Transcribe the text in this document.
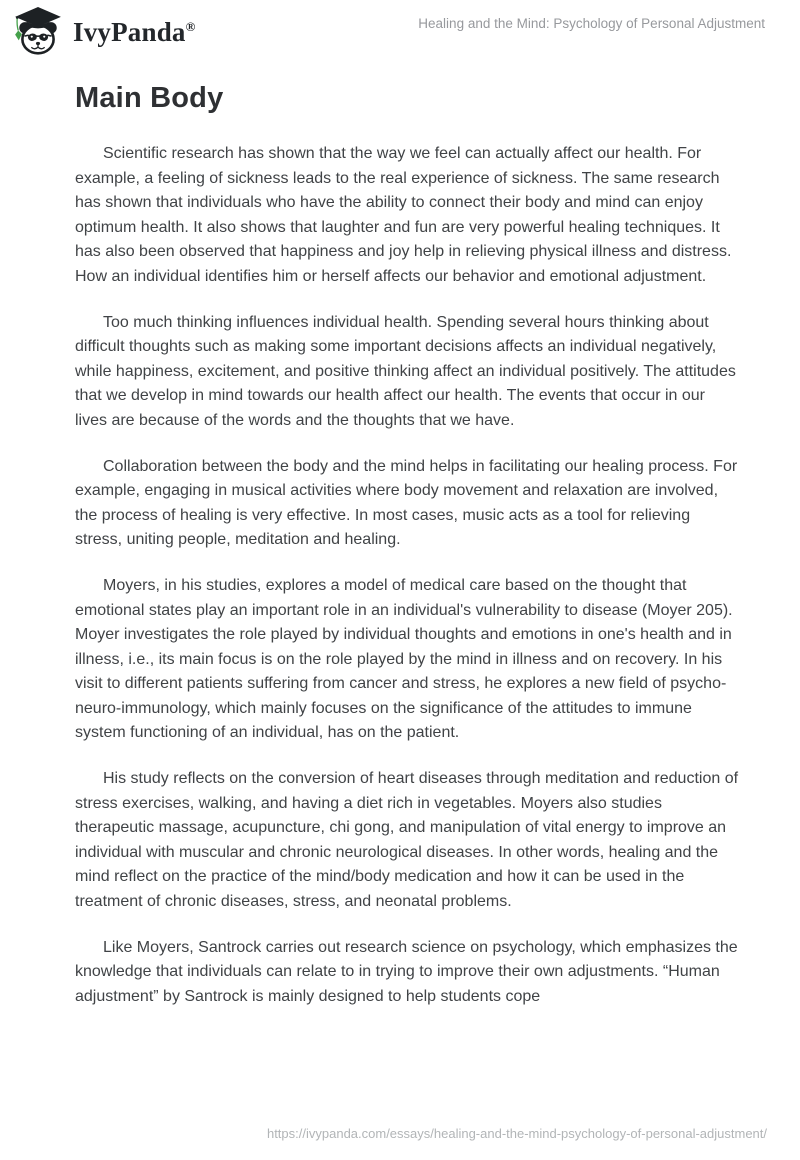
IvyPanda®	Healing and the Mind: Psychology of Personal Adjustment
Main Body

Scientific research has shown that the way we feel can actually affect our health. For example, a feeling of sickness leads to the real experience of sickness. The same research has shown that individuals who have the ability to connect their body and mind can enjoy optimum health. It also shows that laughter and fun are very powerful healing techniques. It has also been observed that happiness and joy help in relieving physical illness and distress. How an individual identifies him or herself affects our behavior and emotional adjustment.

Too much thinking influences individual health. Spending several hours thinking about difficult thoughts such as making some important decisions affects an individual negatively, while happiness, excitement, and positive thinking affect an individual positively. The attitudes that we develop in mind towards our health affect our health. The events that occur in our lives are because of the words and the thoughts that we have.

Collaboration between the body and the mind helps in facilitating our healing process. For example, engaging in musical activities where body movement and relaxation are involved, the process of healing is very effective. In most cases, music acts as a tool for relieving stress, uniting people, meditation and healing.

Moyers, in his studies, explores a model of medical care based on the thought that emotional states play an important role in an individual's vulnerability to disease (Moyer 205). Moyer investigates the role played by individual thoughts and emotions in one's health and in illness, i.e., its main focus is on the role played by the mind in illness and on recovery. In his visit to different patients suffering from cancer and stress, he explores a new field of psycho-neuro-immunology, which mainly focuses on the significance of the attitudes to immune system functioning of an individual, has on the patient.

His study reflects on the conversion of heart diseases through meditation and reduction of stress exercises, walking, and having a diet rich in vegetables. Moyers also studies therapeutic massage, acupuncture, chi gong, and manipulation of vital energy to improve an individual with muscular and chronic neurological diseases. In other words, healing and the mind reflect on the practice of the mind/body medication and how it can be used in the treatment of chronic diseases, stress, and neonatal problems.

Like Moyers, Santrock carries out research science on psychology, which emphasizes the knowledge that individuals can relate to in trying to improve their own adjustments. “Human adjustment” by Santrock is mainly designed to help students cope

https://ivypanda.com/essays/healing-and-the-mind-psychology-of-personal-adjustment/
